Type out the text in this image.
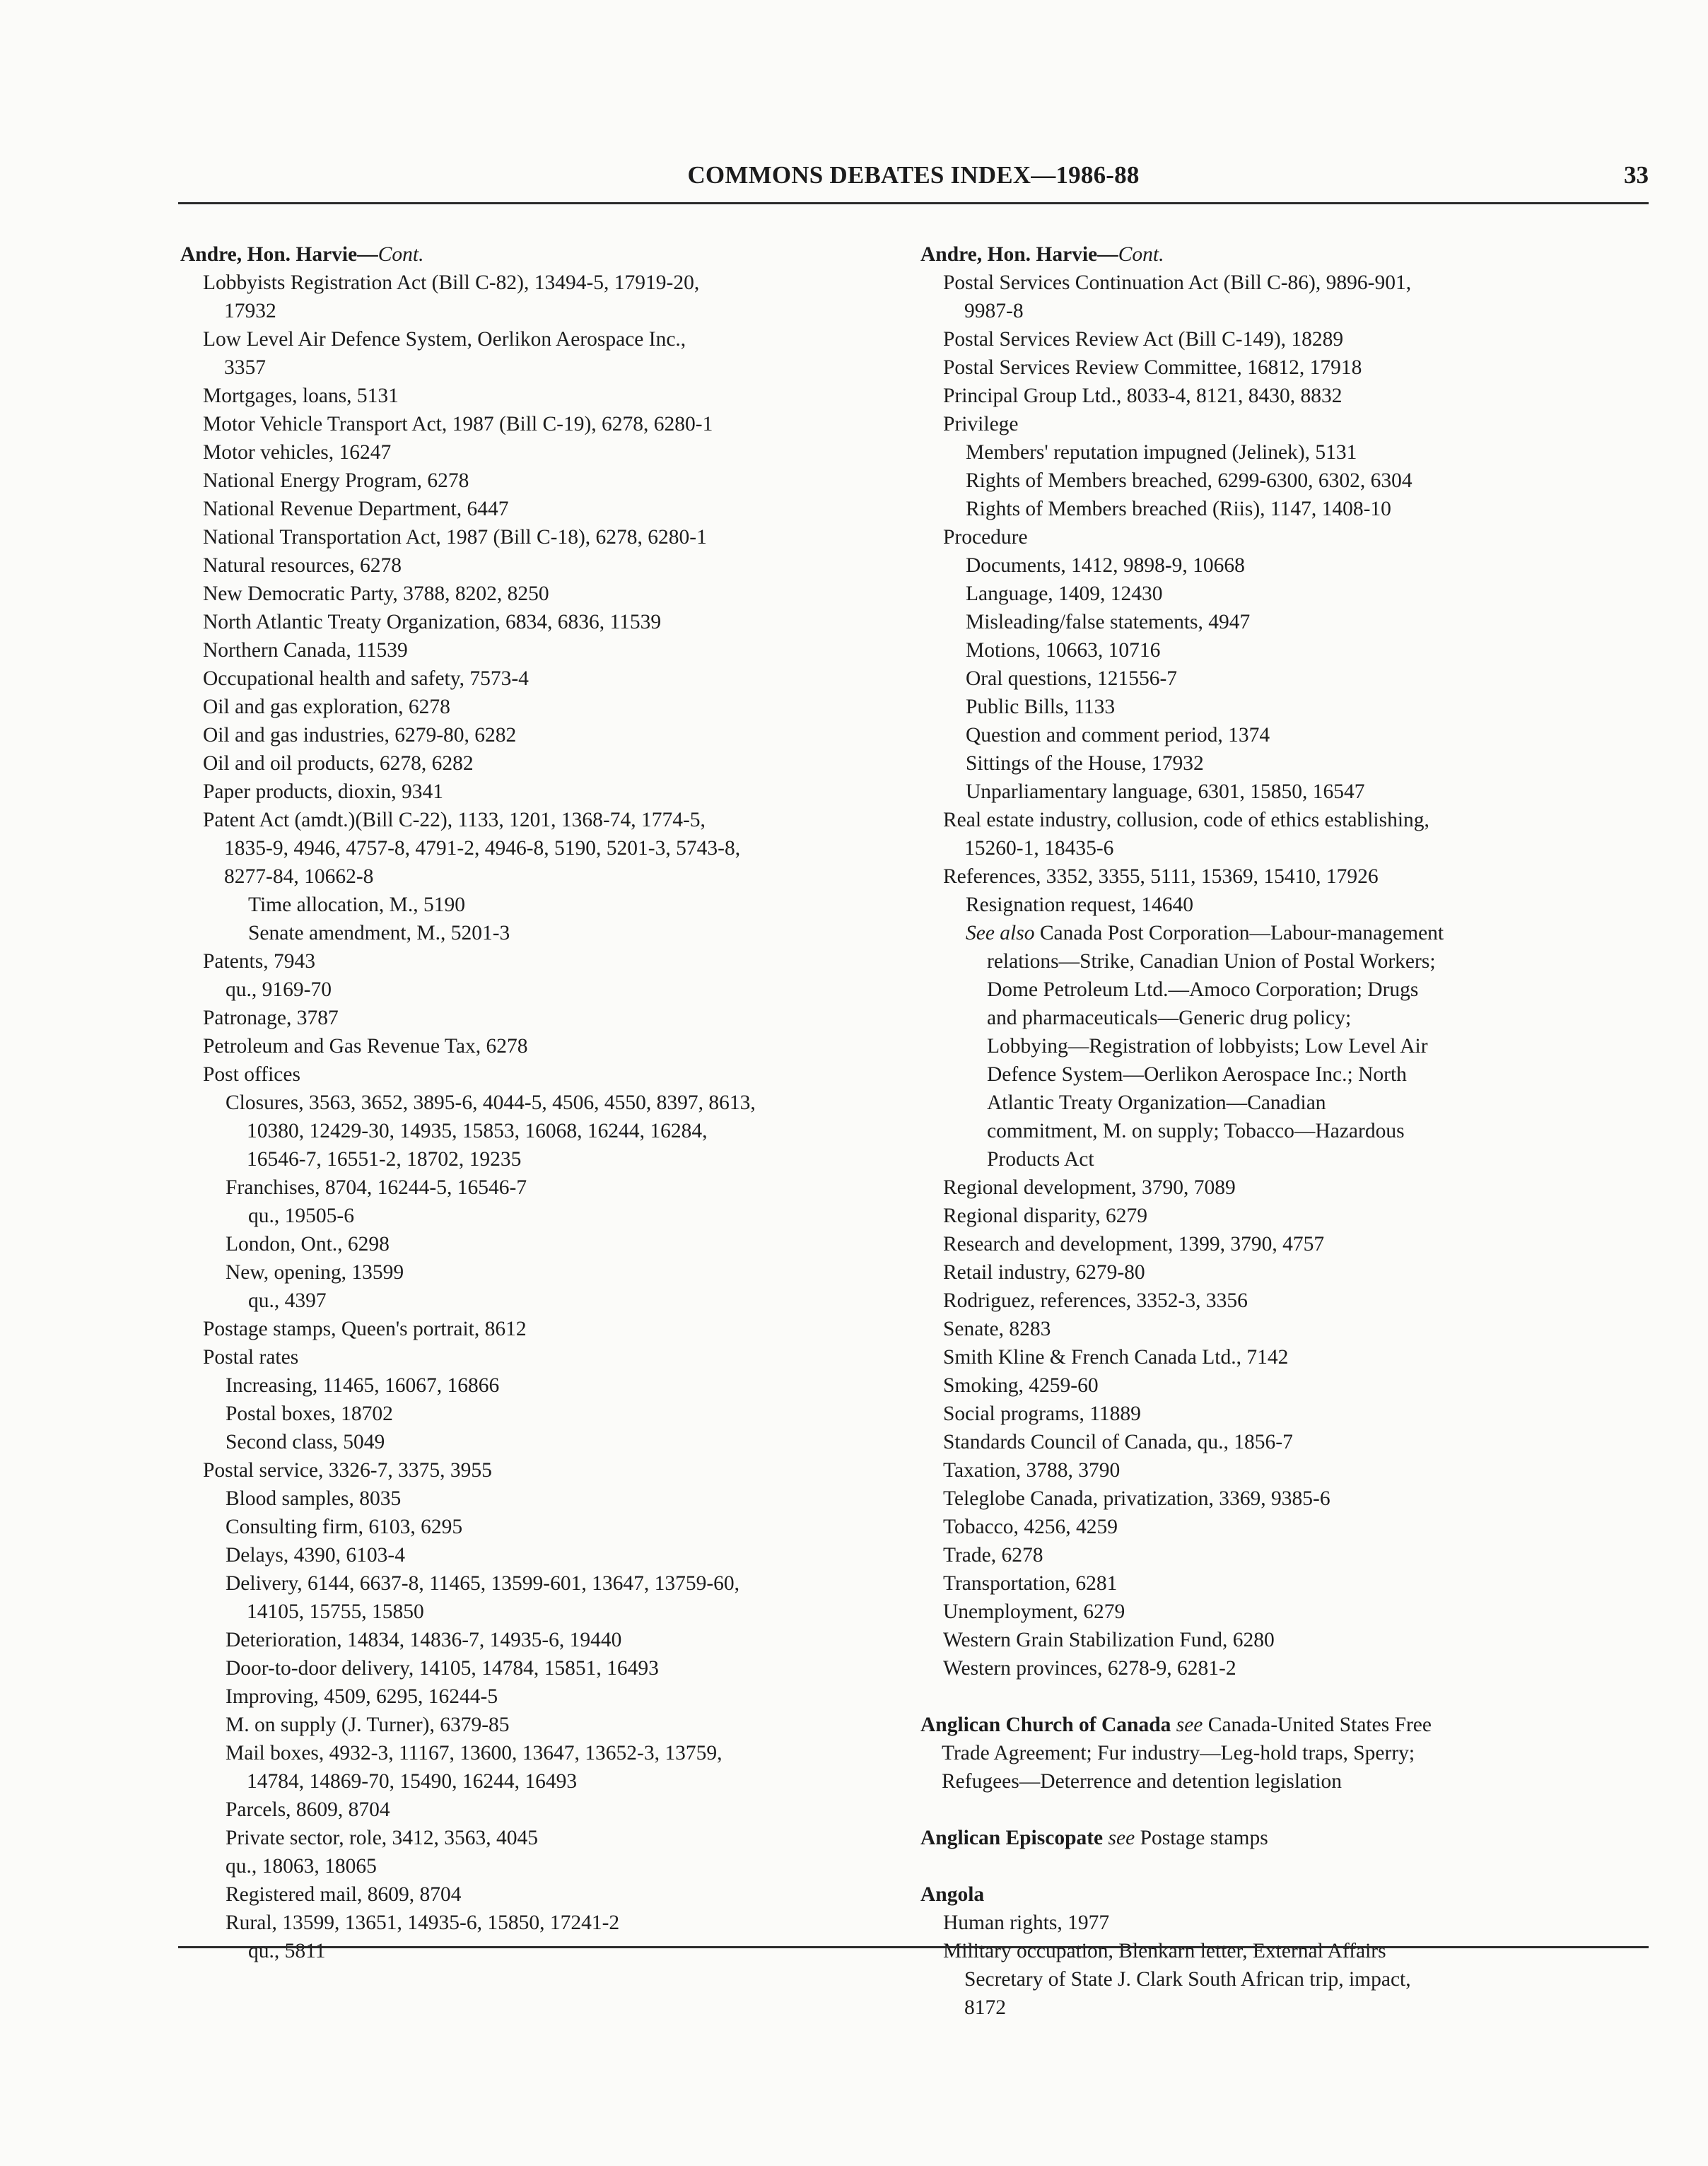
COMMONS DEBATES INDEX—1986-88	33
Andre, Hon. Harvie—Cont.
Lobbyists Registration Act (Bill C-82), 13494-5, 17919-20,
17932
Low Level Air Defence System, Oerlikon Aerospace Inc.,
3357
Mortgages, loans, 5131
Motor Vehicle Transport Act, 1987 (Bill C-19), 6278, 6280-1
Motor vehicles, 16247
National Energy Program, 6278
National Revenue Department, 6447
National Transportation Act, 1987 (Bill C-18), 6278, 6280-1
Natural resources, 6278
New Democratic Party, 3788, 8202, 8250
North Atlantic Treaty Organization, 6834, 6836, 11539
Northern Canada, 11539
Occupational health and safety, 7573-4
Oil and gas exploration, 6278
Oil and gas industries, 6279-80, 6282
Oil and oil products, 6278, 6282
Paper products, dioxin, 9341
Patent Act (amdt.)(Bill C-22), 1133, 1201, 1368-74, 1774-5,
1835-9, 4946, 4757-8, 4791-2, 4946-8, 5190, 5201-3, 5743-8,
8277-84, 10662-8
Time allocation, M., 5190
Senate amendment, M., 5201-3
Patents, 7943
qu., 9169-70
Patronage, 3787
Petroleum and Gas Revenue Tax, 6278
Post offices
Closures, 3563, 3652, 3895-6, 4044-5, 4506, 4550, 8397, 8613,
10380, 12429-30, 14935, 15853, 16068, 16244, 16284,
16546-7, 16551-2, 18702, 19235
Franchises, 8704, 16244-5, 16546-7
qu., 19505-6
London, Ont., 6298
New, opening, 13599
qu., 4397
Postage stamps, Queen's portrait, 8612
Postal rates
Increasing, 11465, 16067, 16866
Postal boxes, 18702
Second class, 5049
Postal service, 3326-7, 3375, 3955
Blood samples, 8035
Consulting firm, 6103, 6295
Delays, 4390, 6103-4
Delivery, 6144, 6637-8, 11465, 13599-601, 13647, 13759-60,
14105, 15755, 15850
Deterioration, 14834, 14836-7, 14935-6, 19440
Door-to-door delivery, 14105, 14784, 15851, 16493
Improving, 4509, 6295, 16244-5
M. on supply (J. Turner), 6379-85
Mail boxes, 4932-3, 11167, 13600, 13647, 13652-3, 13759,
14784, 14869-70, 15490, 16244, 16493
Parcels, 8609, 8704
Private sector, role, 3412, 3563, 4045
qu., 18063, 18065
Registered mail, 8609, 8704
Rural, 13599, 13651, 14935-6, 15850, 17241-2
qu., 5811
Andre, Hon. Harvie—Cont.
Postal Services Continuation Act (Bill C-86), 9896-901,
9987-8
Postal Services Review Act (Bill C-149), 18289
Postal Services Review Committee, 16812, 17918
Principal Group Ltd., 8033-4, 8121, 8430, 8832
Privilege
Members' reputation impugned (Jelinek), 5131
Rights of Members breached, 6299-6300, 6302, 6304
Rights of Members breached (Riis), 1147, 1408-10
Procedure
Documents, 1412, 9898-9, 10668
Language, 1409, 12430
Misleading/false statements, 4947
Motions, 10663, 10716
Oral questions, 121556-7
Public Bills, 1133
Question and comment period, 1374
Sittings of the House, 17932
Unparliamentary language, 6301, 15850, 16547
Real estate industry, collusion, code of ethics establishing,
15260-1, 18435-6
References, 3352, 3355, 5111, 15369, 15410, 17926
Resignation request, 14640
See also Canada Post Corporation—Labour-management
relations—Strike, Canadian Union of Postal Workers;
Dome Petroleum Ltd.—Amoco Corporation; Drugs
and pharmaceuticals—Generic drug policy;
Lobbying—Registration of lobbyists; Low Level Air
Defence System—Oerlikon Aerospace Inc.; North
Atlantic Treaty Organization—Canadian
commitment, M. on supply; Tobacco—Hazardous
Products Act
Regional development, 3790, 7089
Regional disparity, 6279
Research and development, 1399, 3790, 4757
Retail industry, 6279-80
Rodriguez, references, 3352-3, 3356
Senate, 8283
Smith Kline & French Canada Ltd., 7142
Smoking, 4259-60
Social programs, 11889
Standards Council of Canada, qu., 1856-7
Taxation, 3788, 3790
Teleglobe Canada, privatization, 3369, 9385-6
Tobacco, 4256, 4259
Trade, 6278
Transportation, 6281
Unemployment, 6279
Western Grain Stabilization Fund, 6280
Western provinces, 6278-9, 6281-2
Anglican Church of Canada see Canada-United States Free
Trade Agreement; Fur industry—Leg-hold traps, Sperry;
Refugees—Deterrence and detention legislation
Anglican Episcopate see Postage stamps
Angola
Human rights, 1977
Military occupation, Blenkarn letter, External Affairs
Secretary of State J. Clark South African trip, impact,
8172
